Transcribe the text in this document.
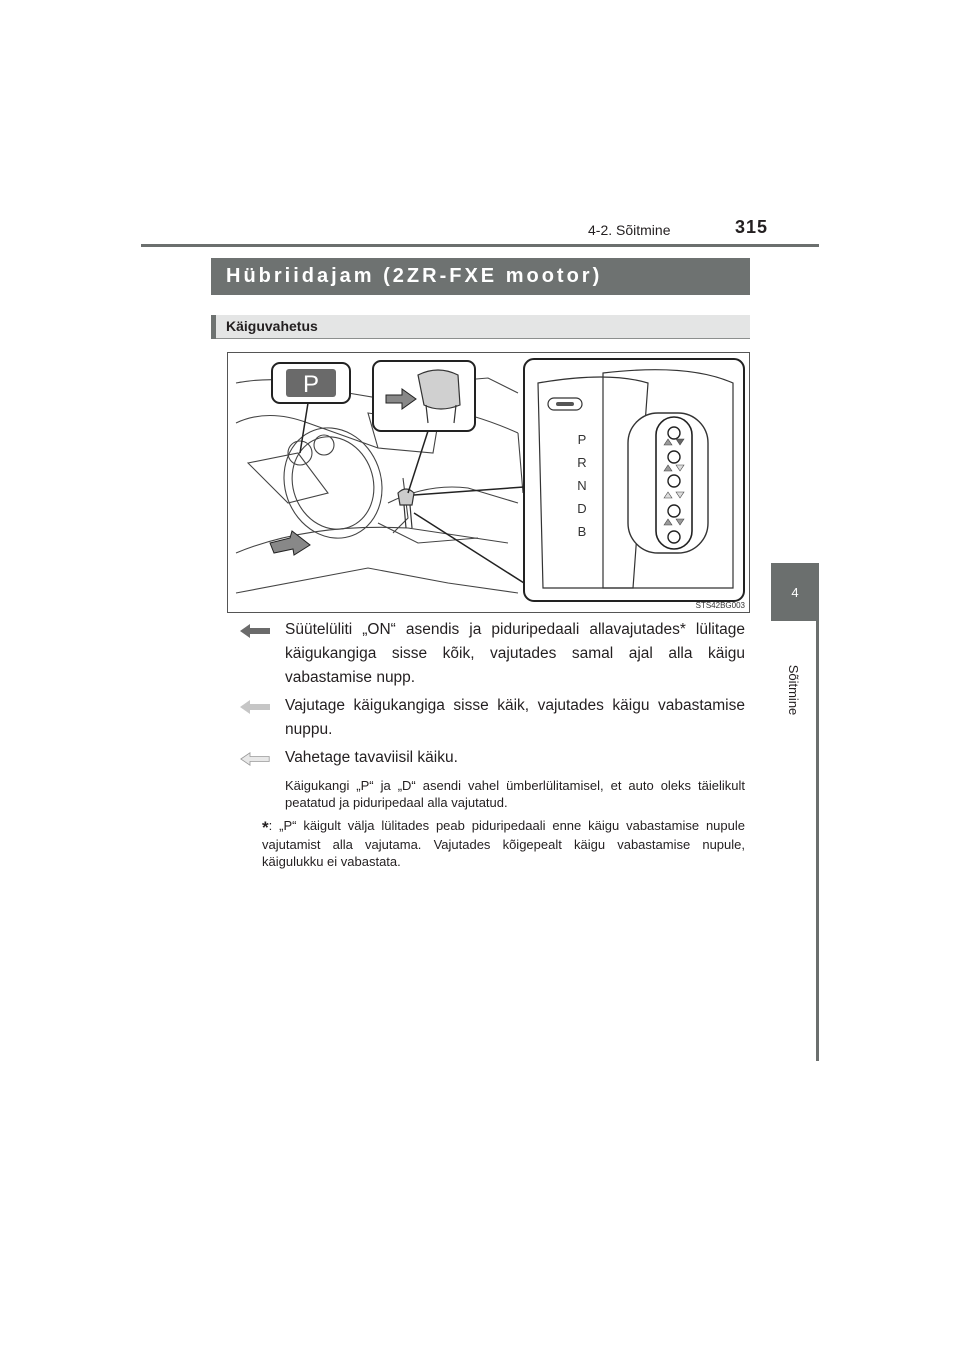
4-2. Sõitmine	315
4
Sõitmine
Hübriidajam (2ZR-FXE mootor)
Käiguvahetus
P
P
R
N
D
B
STS42BG003
Süütelüliti „ON“ asendis ja piduripedaali allavajutades* lülitage käigukangiga sisse kõik, vajutades samal ajal alla käigu vabastamise nupp.
Vajutage käigukangiga sisse käik, vajutades käigu vabastamise nuppu.
Vahetage tavaviisil käiku.
Käigukangi „P“ ja „D“ asendi vahel ümberlülitamisel, et auto oleks täielikult peatatud ja piduripedaal alla vajutatud.
*: „P“ käigult välja lülitades peab piduripedaali enne käigu vabastamise nupule vajutamist alla vajutama. Vajutades kõigepealt käigu vabastamise nupule, käigulukku ei vabastata.
